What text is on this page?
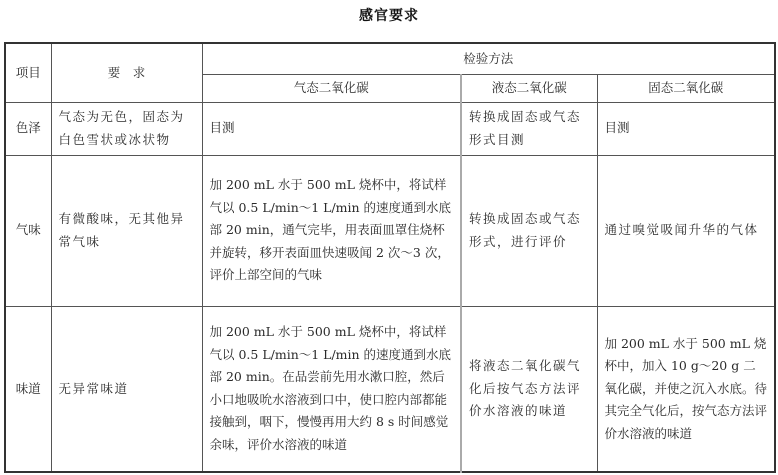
感官要求
项目	要　求	检验方法		
		气态二氧化碳	液态二氧化碳	固态二氧化碳
色泽	气态为无色，固态为白色雪状或冰状物	目测	转换成固态或气态形式目测	目测
气味	有微酸味，无其他异常气味	加 200 mL 水于 500 mL 烧杯中，将试样气以 0.5 L/min～1 L/min 的速度通到水底部 20 min，通气完毕，用表面皿罩住烧杯并旋转，移开表面皿快速吸闻 2 次～3 次，评价上部空间的气味	转换成固态或气态形式，进行评价	通过嗅觉吸闻升华的气体
味道	无异常味道	加 200 mL 水于 500 mL 烧杯中，将试样气以 0.5 L/min～1 L/min 的速度通到水底部 20 min。在品尝前先用水漱口腔，然后小口地吸吮水溶液到口中，使口腔内部都能接触到，咽下，慢慢再用大约 8 s 时间感觉余味，评价水溶液的味道	将液态二氧化碳气化后按气态方法评价水溶液的味道	加 200 mL 水于 500 mL 烧杯中，加入 10 g～20 g 二氧化碳，并使之沉入水底。待其完全气化后，按气态方法评价水溶液的味道
